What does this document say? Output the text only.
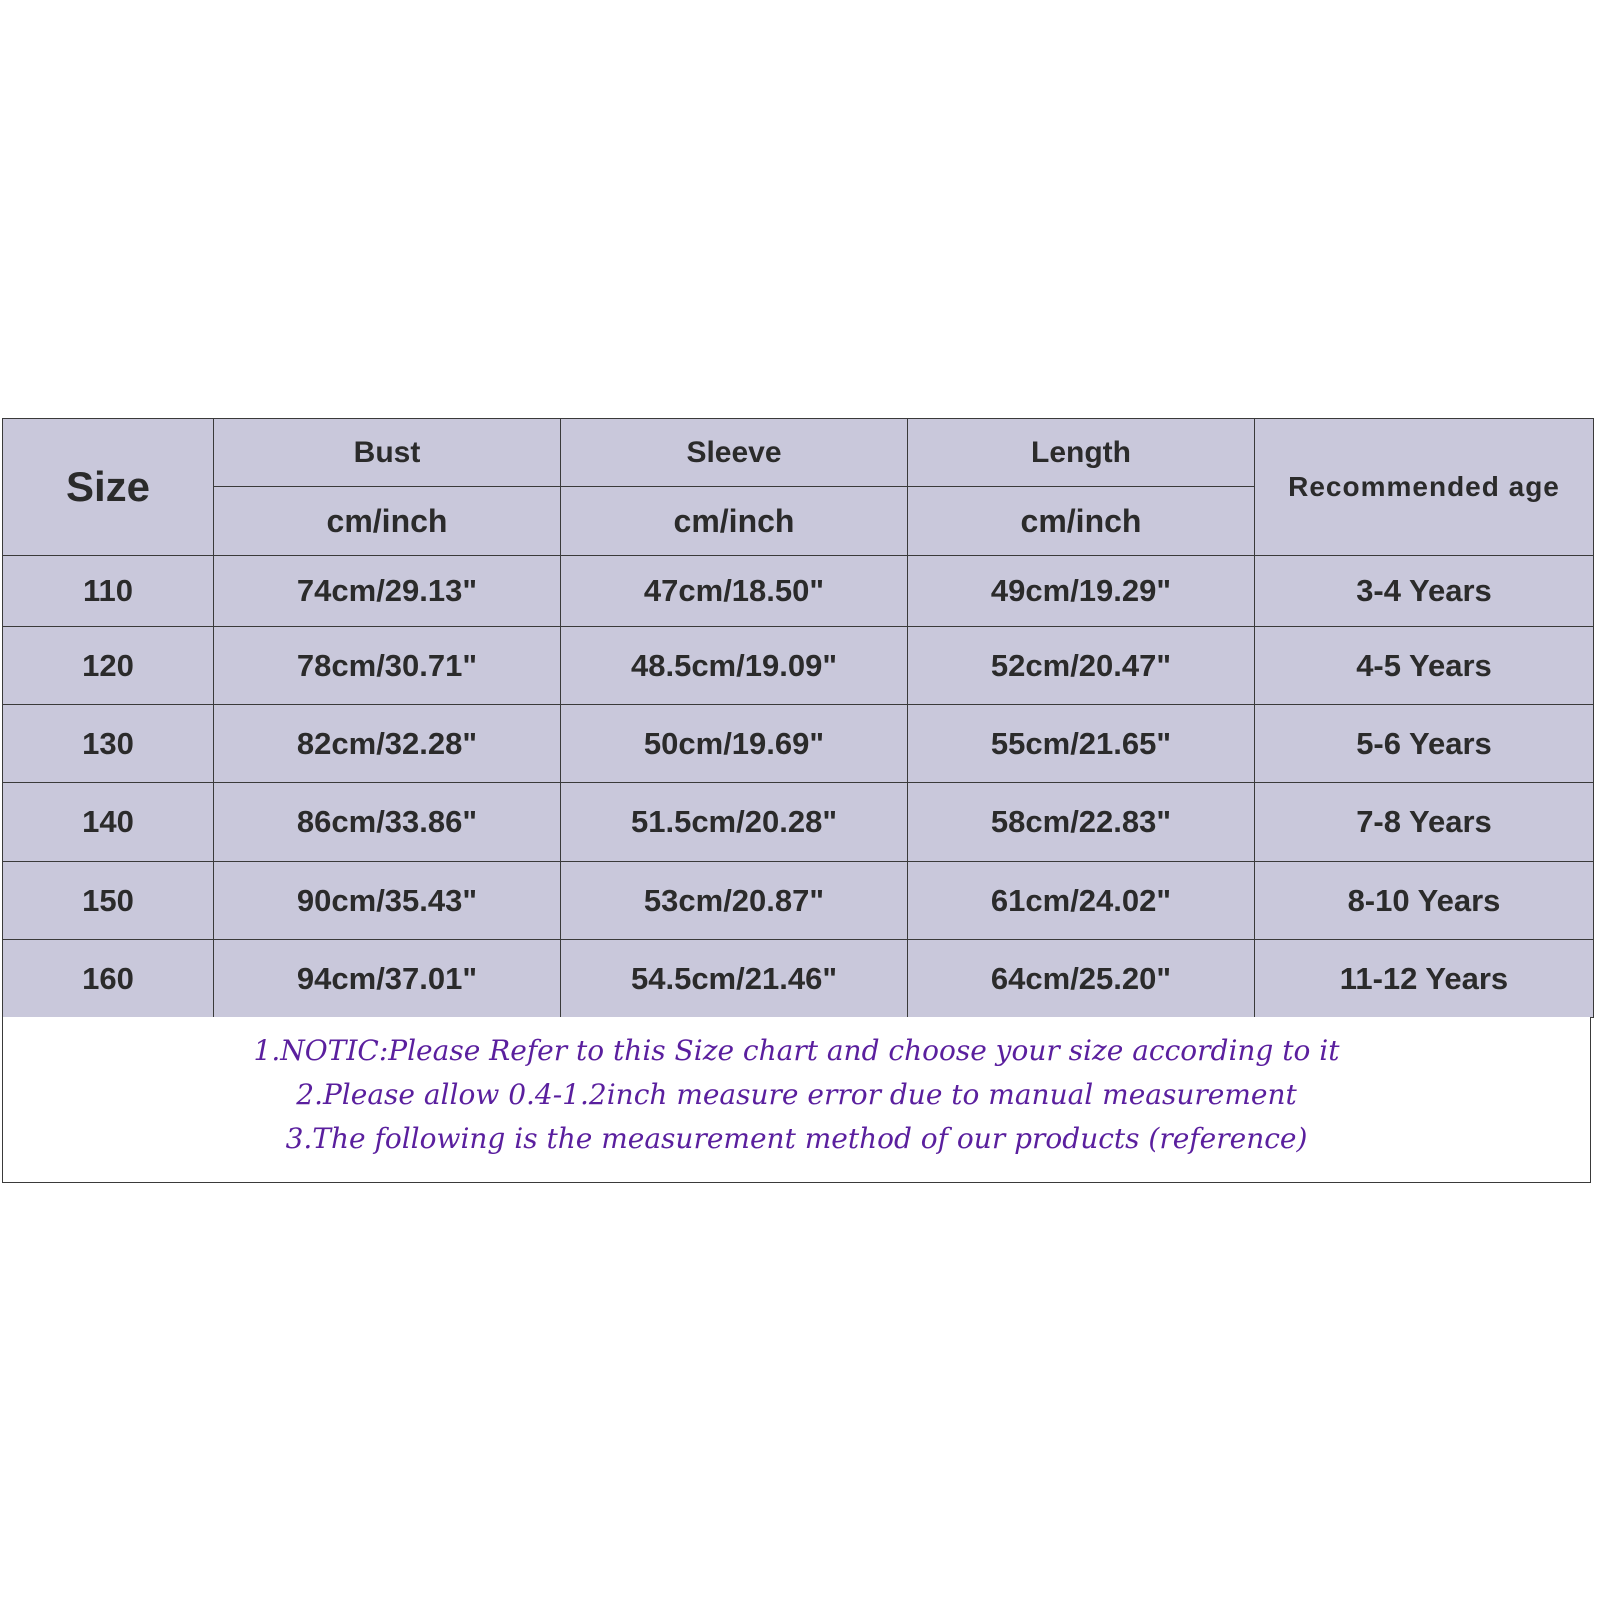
Size	Bust	Sleeve	Length	Recommended age
	cm/inch	cm/inch	cm/inch	
110	74cm/29.13"	47cm/18.50"	49cm/19.29"	3-4 Years
120	78cm/30.71"	48.5cm/19.09"	52cm/20.47"	4-5 Years
130	82cm/32.28"	50cm/19.69"	55cm/21.65"	5-6 Years
140	86cm/33.86"	51.5cm/20.28"	58cm/22.83"	7-8 Years
150	90cm/35.43"	53cm/20.87"	61cm/24.02"	8-10 Years
160	94cm/37.01"	54.5cm/21.46"	64cm/25.20"	11-12 Years
1.NOTIC:Please Refer to this Size chart and choose your size according to it
2.Please allow 0.4-1.2inch measure error due to manual measurement
3.The following is the measurement method of our products (reference)
